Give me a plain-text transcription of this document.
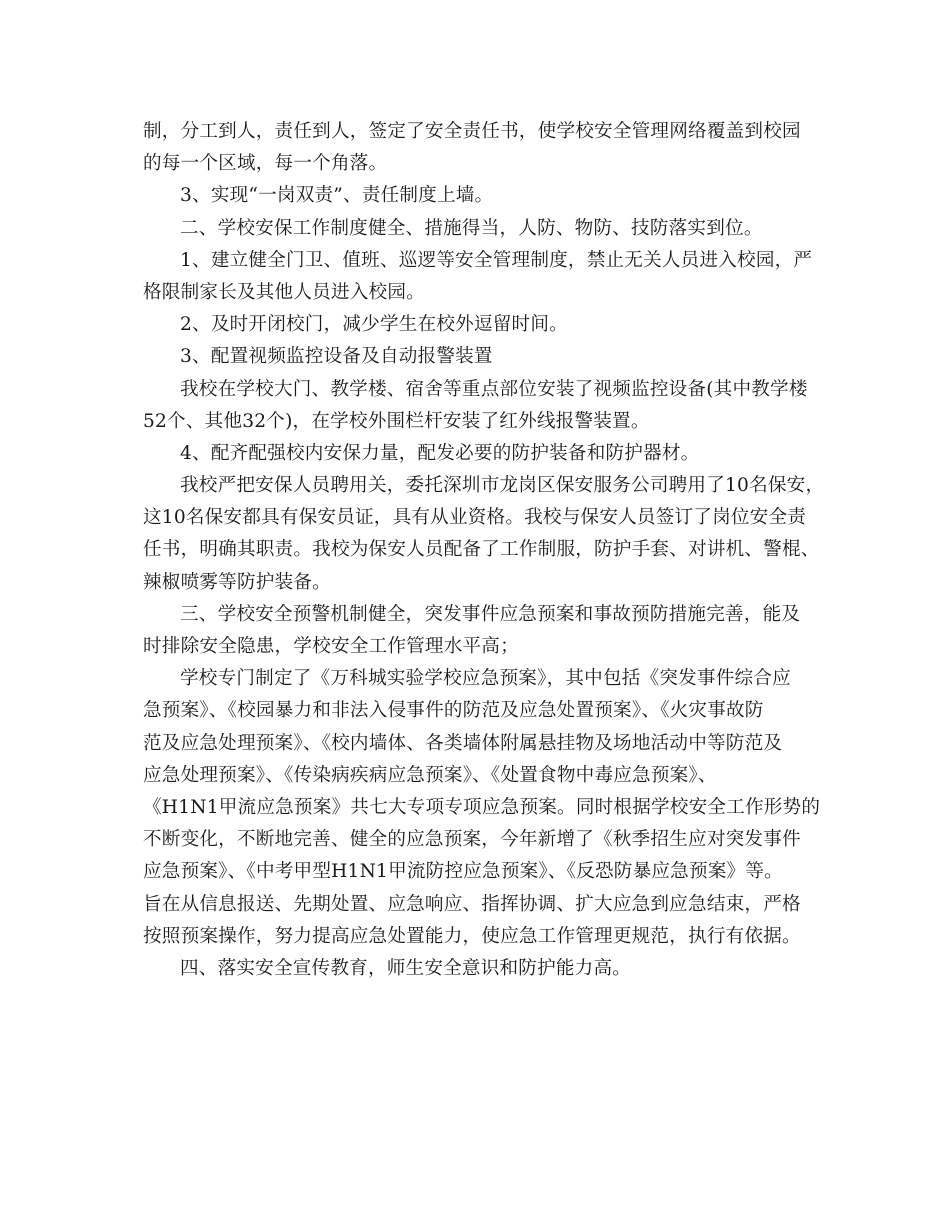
制，分工到人，责任到人，签定了安全责任书，使学校安全管理网络覆盖到校园
的每一个区域，每一个角落。
3、实现“一岗双责”、责任制度上墙。
二、学校安保工作制度健全、措施得当，人防、物防、技防落实到位。
1、建立健全门卫、值班、巡逻等安全管理制度，禁止无关人员进入校园，严
格限制家长及其他人员进入校园。
2、及时开闭校门，减少学生在校外逗留时间。
3、配置视频监控设备及自动报警装置
我校在学校大门、教学楼、宿舍等重点部位安装了视频监控设备(其中教学楼
52个、其他32个)，在学校外围栏杆安装了红外线报警装置。
4、配齐配强校内安保力量，配发必要的防护装备和防护器材。
我校严把安保人员聘用关，委托深圳市龙岗区保安服务公司聘用了10名保安，
这10名保安都具有保安员证，具有从业资格。我校与保安人员签订了岗位安全责
任书，明确其职责。我校为保安人员配备了工作制服，防护手套、对讲机、警棍、
辣椒喷雾等防护装备。
三、学校安全预警机制健全，突发事件应急预案和事故预防措施完善，能及
时排除安全隐患，学校安全工作管理水平高；
学校专门制定了《万科城实验学校应急预案》，其中包括《突发事件综合应
急预案》、《校园暴力和非法入侵事件的防范及应急处置预案》、《火灾事故防
范及应急处理预案》、《校内墙体、各类墙体附属悬挂物及场地活动中等防范及
应急处理预案》、《传染病疾病应急预案》、《处置食物中毒应急预案》、
《H1N1甲流应急预案》共七大专项专项应急预案。同时根据学校安全工作形势的
不断变化，不断地完善、健全的应急预案，今年新增了《秋季招生应对突发事件
应急预案》、《中考甲型H1N1甲流防控应急预案》、《反恐防暴应急预案》等。
旨在从信息报送、先期处置、应急响应、指挥协调、扩大应急到应急结束，严格
按照预案操作，努力提高应急处置能力，使应急工作管理更规范，执行有依据。
四、落实安全宣传教育，师生安全意识和防护能力高。
